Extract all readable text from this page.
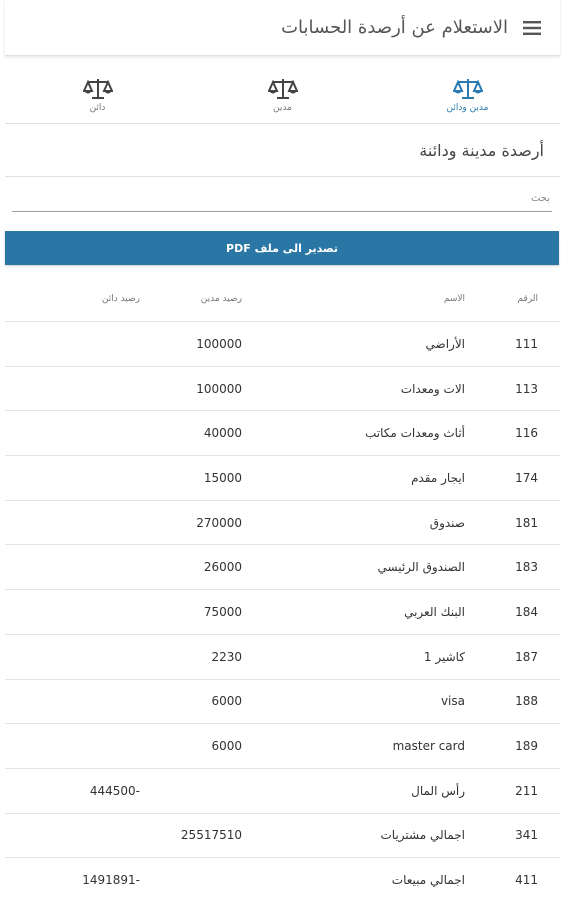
الاستعلام عن أرصدة الحسابات
مدين ودائن
مدين
دائن
أرصدة مدينة ودائنة
بحث
تصدير الى ملف PDF
الرقم
الاسم
رصيد مدين
رصيد دائن
111
الأراضي
100000
113
الات ومعدات
100000
116
أثاث ومعدات مكاتب
40000
174
ايجار مقدم
15000
181
صندوق
270000
183
الصندوق الرئيسي
26000
184
البنك العربي
75000
187
كاشير 1
2230
188
visa
6000
189
master card
6000
211
رأس المال
444500-
341
اجمالي مشتريات
25517510
411
اجمالي مبيعات
1491891-
